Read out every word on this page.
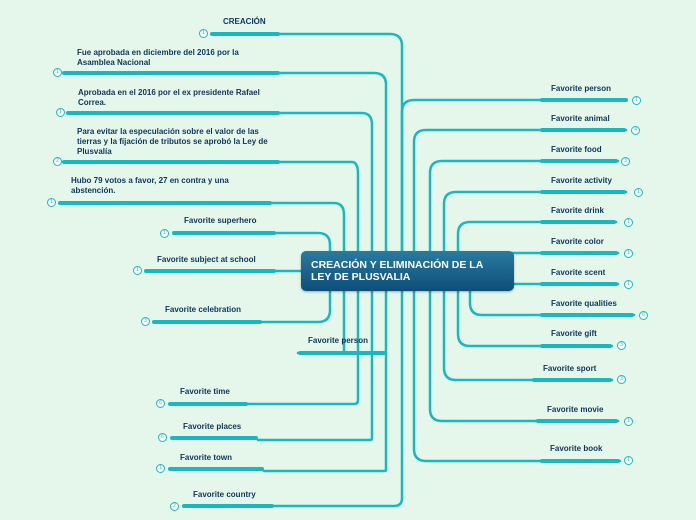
CREACIÓN
1
Fue aprobada en diciembre del 2016 por la Asamblea Nacional
1
Aprobada en el 2016 por el ex presidente Rafael Correa.
1
Para evitar la especulación sobre el valor de las tierras y la fijación de tributos se aprobó la Ley de Plusvalía
2
Hubo 79 votos a favor, 27 en contra y una abstención.
1
Favorite superhero
1
Favorite subject at school
1
Favorite celebration
3
Favorite person
Favorite time
6
Favorite places
6
Favorite town
1
Favorite country
2
CREACIÓN Y ELIMINACIÓN DE LA LEY DE PLUSVALIA
Favorite person
1
Favorite animal
4
Favorite food
3
Favorite activity
1
Favorite drink
1
Favorite color
1
Favorite scent
1
Favorite qualities
6
Favorite gift
3
Favorite sport
3
Favorite movie
1
Favorite book
1
